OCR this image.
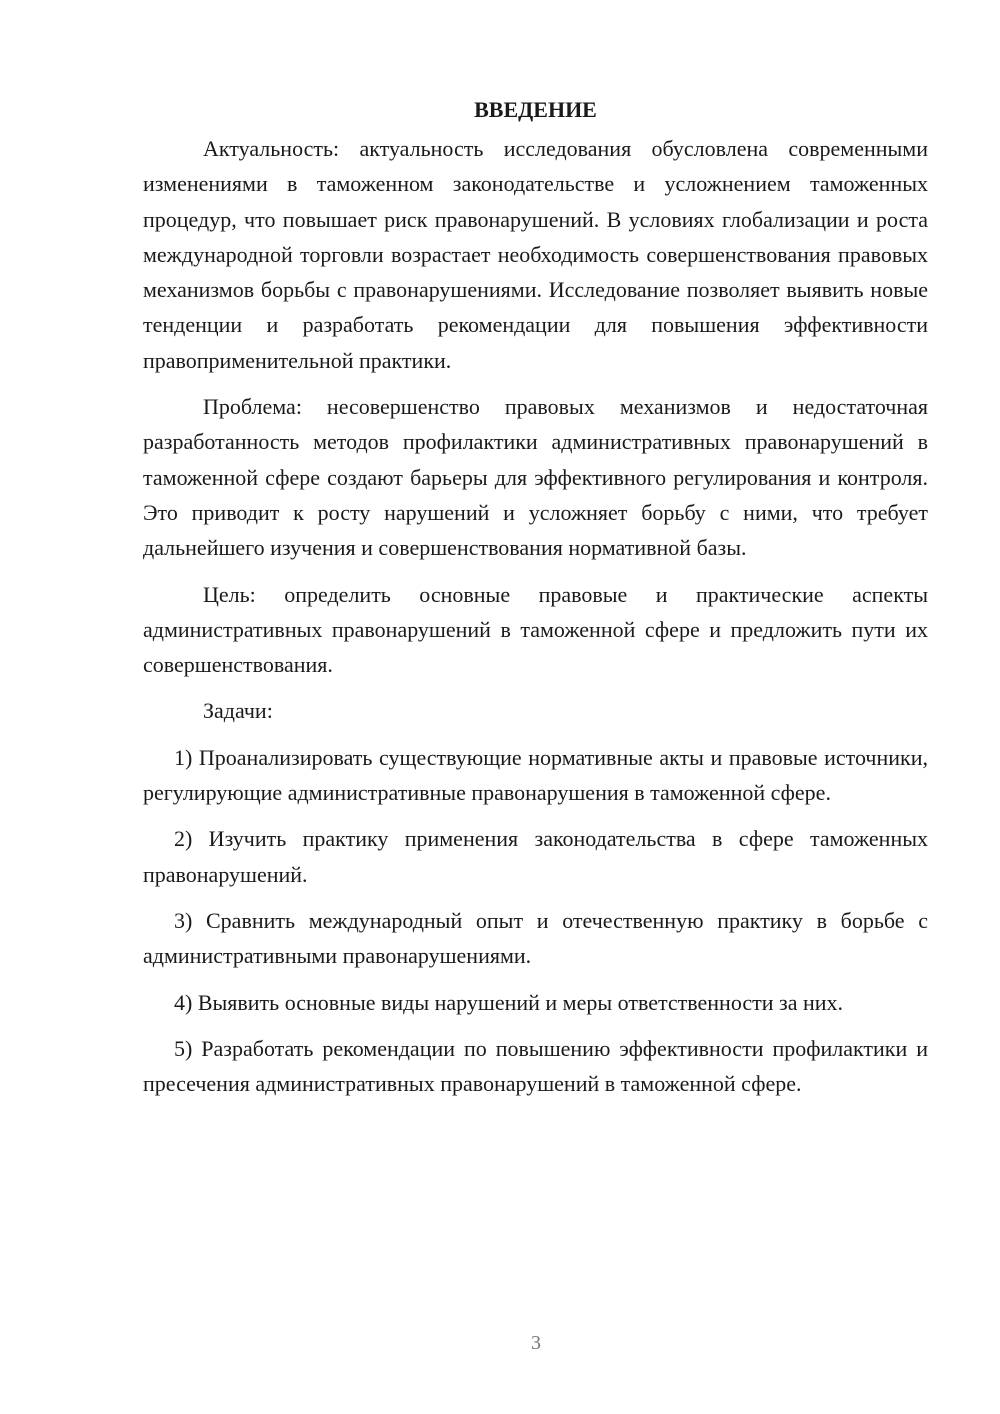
ВВЕДЕНИЕ

Актуальность: актуальность исследования обусловлена современными изменениями в таможенном законодательстве и усложнением таможенных процедур, что повышает риск правонарушений. В условиях глобализации и роста международной торговли возрастает необходимость совершенствования правовых механизмов борьбы с правонарушениями. Исследование позволяет выявить новые тенденции и разработать рекомендации для повышения эффективности правоприменительной практики.

Проблема: несовершенство правовых механизмов и недостаточная разработанность методов профилактики административных правонарушений в таможенной сфере создают барьеры для эффективного регулирования и контроля. Это приводит к росту нарушений и усложняет борьбу с ними, что требует дальнейшего изучения и совершенствования нормативной базы.

Цель: определить основные правовые и практические аспекты административных правонарушений в таможенной сфере и предложить пути их совершенствования.

Задачи:

1) Проанализировать существующие нормативные акты и правовые источники, регулирующие административные правонарушения в таможенной сфере.

2) Изучить практику применения законодательства в сфере таможенных правонарушений.

3) Сравнить международный опыт и отечественную практику в борьбе с административными правонарушениями.

4) Выявить основные виды нарушений и меры ответственности за них.

5) Разработать рекомендации по повышению эффективности профилактики и пресечения административных правонарушений в таможенной сфере.

3
